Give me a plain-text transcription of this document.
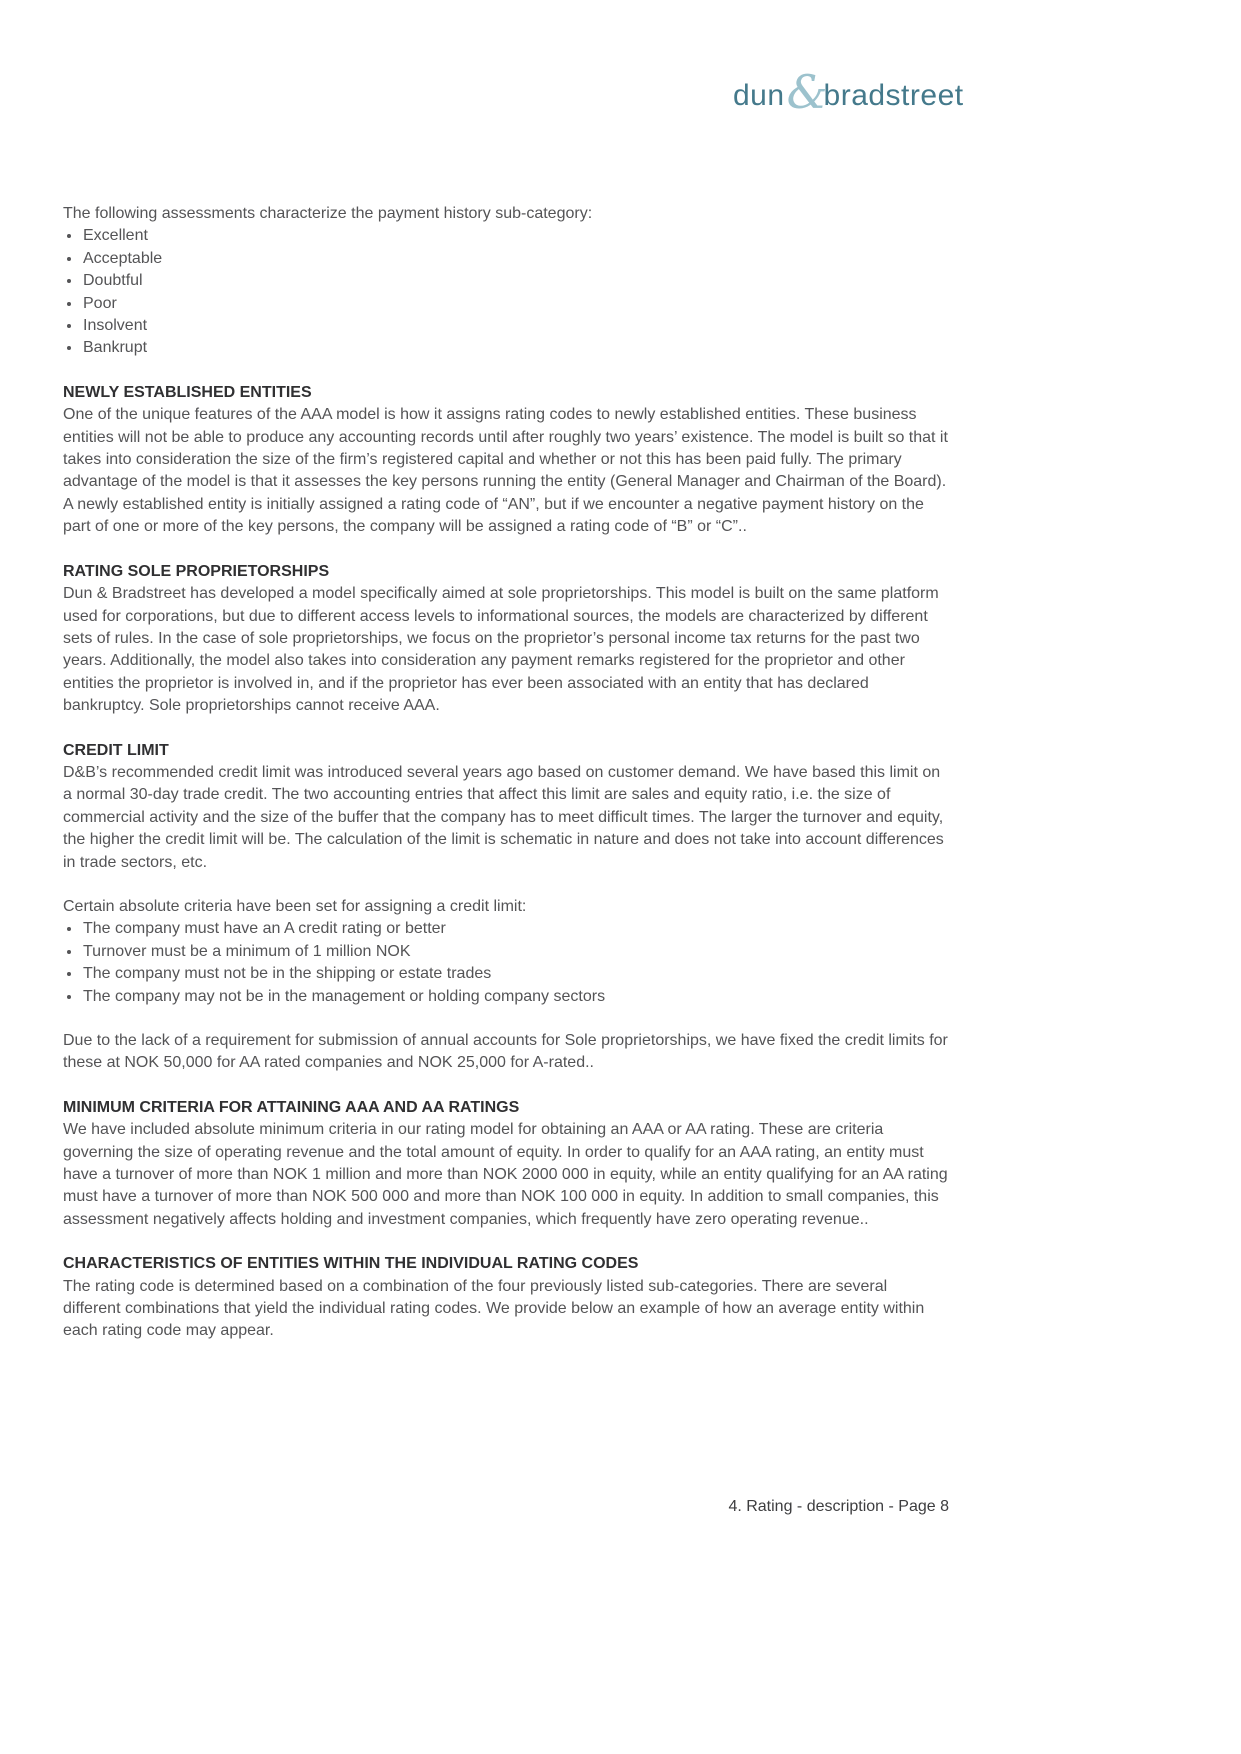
dun &
bradstreet

The following assessments characterize the payment history sub-category:

• Excellent
• Acceptable
• Doubtful
• Poor
• Insolvent
• Bankrupt
NEWLY ESTABLISHED ENTITIES

One of the unique features of the AAA model is how it assigns rating codes to newly established entities. These business entities will not be able to produce any accounting records until after roughly two years’ existence. The model is built so that it takes into consideration the size of the firm’s registered capital and whether or not this has been paid fully. The primary advantage of the model is that it assesses the key persons running the entity (General Manager and Chairman of the Board). A newly established entity is initially assigned a rating code of “AN”, but if we encounter a negative payment history on the part of one or more of the key persons, the company will be assigned a rating code of “B” or “C”..

RATING SOLE PROPRIETORSHIPS

Dun & Bradstreet has developed a model specifically aimed at sole proprietorships. This model is built on the same platform used for corporations, but due to different access levels to informational sources, the models are characterized by different sets of rules. In the case of sole proprietorships, we focus on the proprietor’s personal income tax returns for the past two years. Additionally, the model also takes into consideration any payment remarks registered for the proprietor and other entities the proprietor is involved in, and if the proprietor has ever been associated with an entity that has declared bankruptcy. Sole proprietorships cannot receive AAA.

CREDIT LIMIT

D&B’s recommended credit limit was introduced several years ago based on customer demand. We have based this limit on a normal 30-day trade credit. The two accounting entries that affect this limit are sales and equity ratio, i.e. the size of commercial activity and the size of the buffer that the company has to meet difficult times. The larger the turnover and equity, the higher the credit limit will be. The calculation of the limit is schematic in nature and does not take into account differences in trade sectors, etc.

Certain absolute criteria have been set for assigning a credit limit:

• The company must have an A credit rating or better
• Turnover must be a minimum of 1 million NOK
• The company must not be in the shipping or estate trades
• The company may not be in the management or holding company sectors

Due to the lack of a requirement for submission of annual accounts for Sole proprietorships, we have fixed the credit limits for these at NOK 50,000 for AA rated companies and NOK 25,000 for A-rated..

MINIMUM CRITERIA FOR ATTAINING AAA AND AA RATINGS

We have included absolute minimum criteria in our rating model for obtaining an AAA or AA rating. These are criteria governing the size of operating revenue and the total amount of equity. In order to qualify for an AAA rating, an entity must have a turnover of more than NOK 1 million and more than NOK 2000 000 in equity, while an entity qualifying for an AA rating must have a turnover of more than NOK 500 000 and more than NOK 100 000 in equity. In addition to small companies, this assessment negatively affects holding and investment companies, which frequently have zero operating revenue..

CHARACTERISTICS OF ENTITIES WITHIN THE INDIVIDUAL RATING CODES

The rating code is determined based on a combination of the four previously listed sub-categories. There are several different combinations that yield the individual rating codes. We provide below an example of how an average entity within each rating code may appear.

4. Rating - description - Page 8
